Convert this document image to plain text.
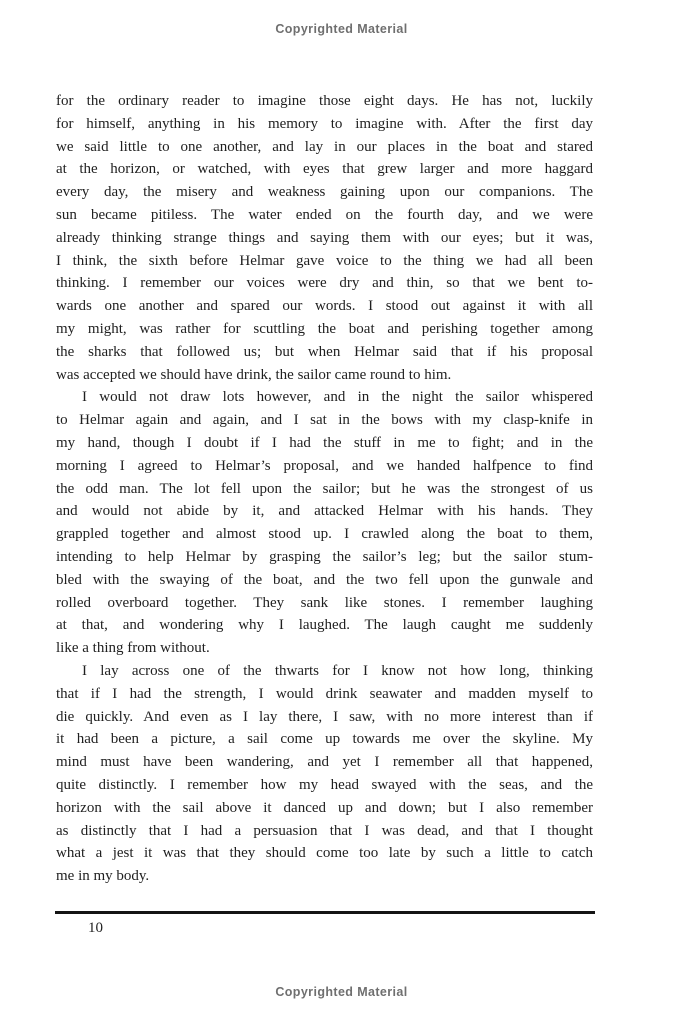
Copyrighted Material
for the ordinary reader to imagine those eight days. He has not, luckily
for himself, anything in his memory to imagine with. After the first day
we said little to one another, and lay in our places in the boat and stared
at the horizon, or watched, with eyes that grew larger and more haggard
every day, the misery and weakness gaining upon our companions. The
sun became pitiless. The water ended on the fourth day, and we were
already thinking strange things and saying them with our eyes; but it was,
I think, the sixth before Helmar gave voice to the thing we had all been
thinking. I remember our voices were dry and thin, so that we bent to-
wards one another and spared our words. I stood out against it with all
my might, was rather for scuttling the boat and perishing together among
the sharks that followed us; but when Helmar said that if his proposal
was accepted we should have drink, the sailor came round to him.
I would not draw lots however, and in the night the sailor whispered
to Helmar again and again, and I sat in the bows with my clasp-knife in
my hand, though I doubt if I had the stuff in me to fight; and in the
morning I agreed to Helmar’s proposal, and we handed halfpence to find
the odd man. The lot fell upon the sailor; but he was the strongest of us
and would not abide by it, and attacked Helmar with his hands. They
grappled together and almost stood up. I crawled along the boat to them,
intending to help Helmar by grasping the sailor’s leg; but the sailor stum-
bled with the swaying of the boat, and the two fell upon the gunwale and
rolled overboard together. They sank like stones. I remember laughing
at that, and wondering why I laughed. The laugh caught me suddenly
like a thing from without.
I lay across one of the thwarts for I know not how long, thinking
that if I had the strength, I would drink seawater and madden myself to
die quickly. And even as I lay there, I saw, with no more interest than if
it had been a picture, a sail come up towards me over the skyline. My
mind must have been wandering, and yet I remember all that happened,
quite distinctly. I remember how my head swayed with the seas, and the
horizon with the sail above it danced up and down; but I also remember
as distinctly that I had a persuasion that I was dead, and that I thought
what a jest it was that they should come too late by such a little to catch
me in my body.
10
Copyrighted Material
